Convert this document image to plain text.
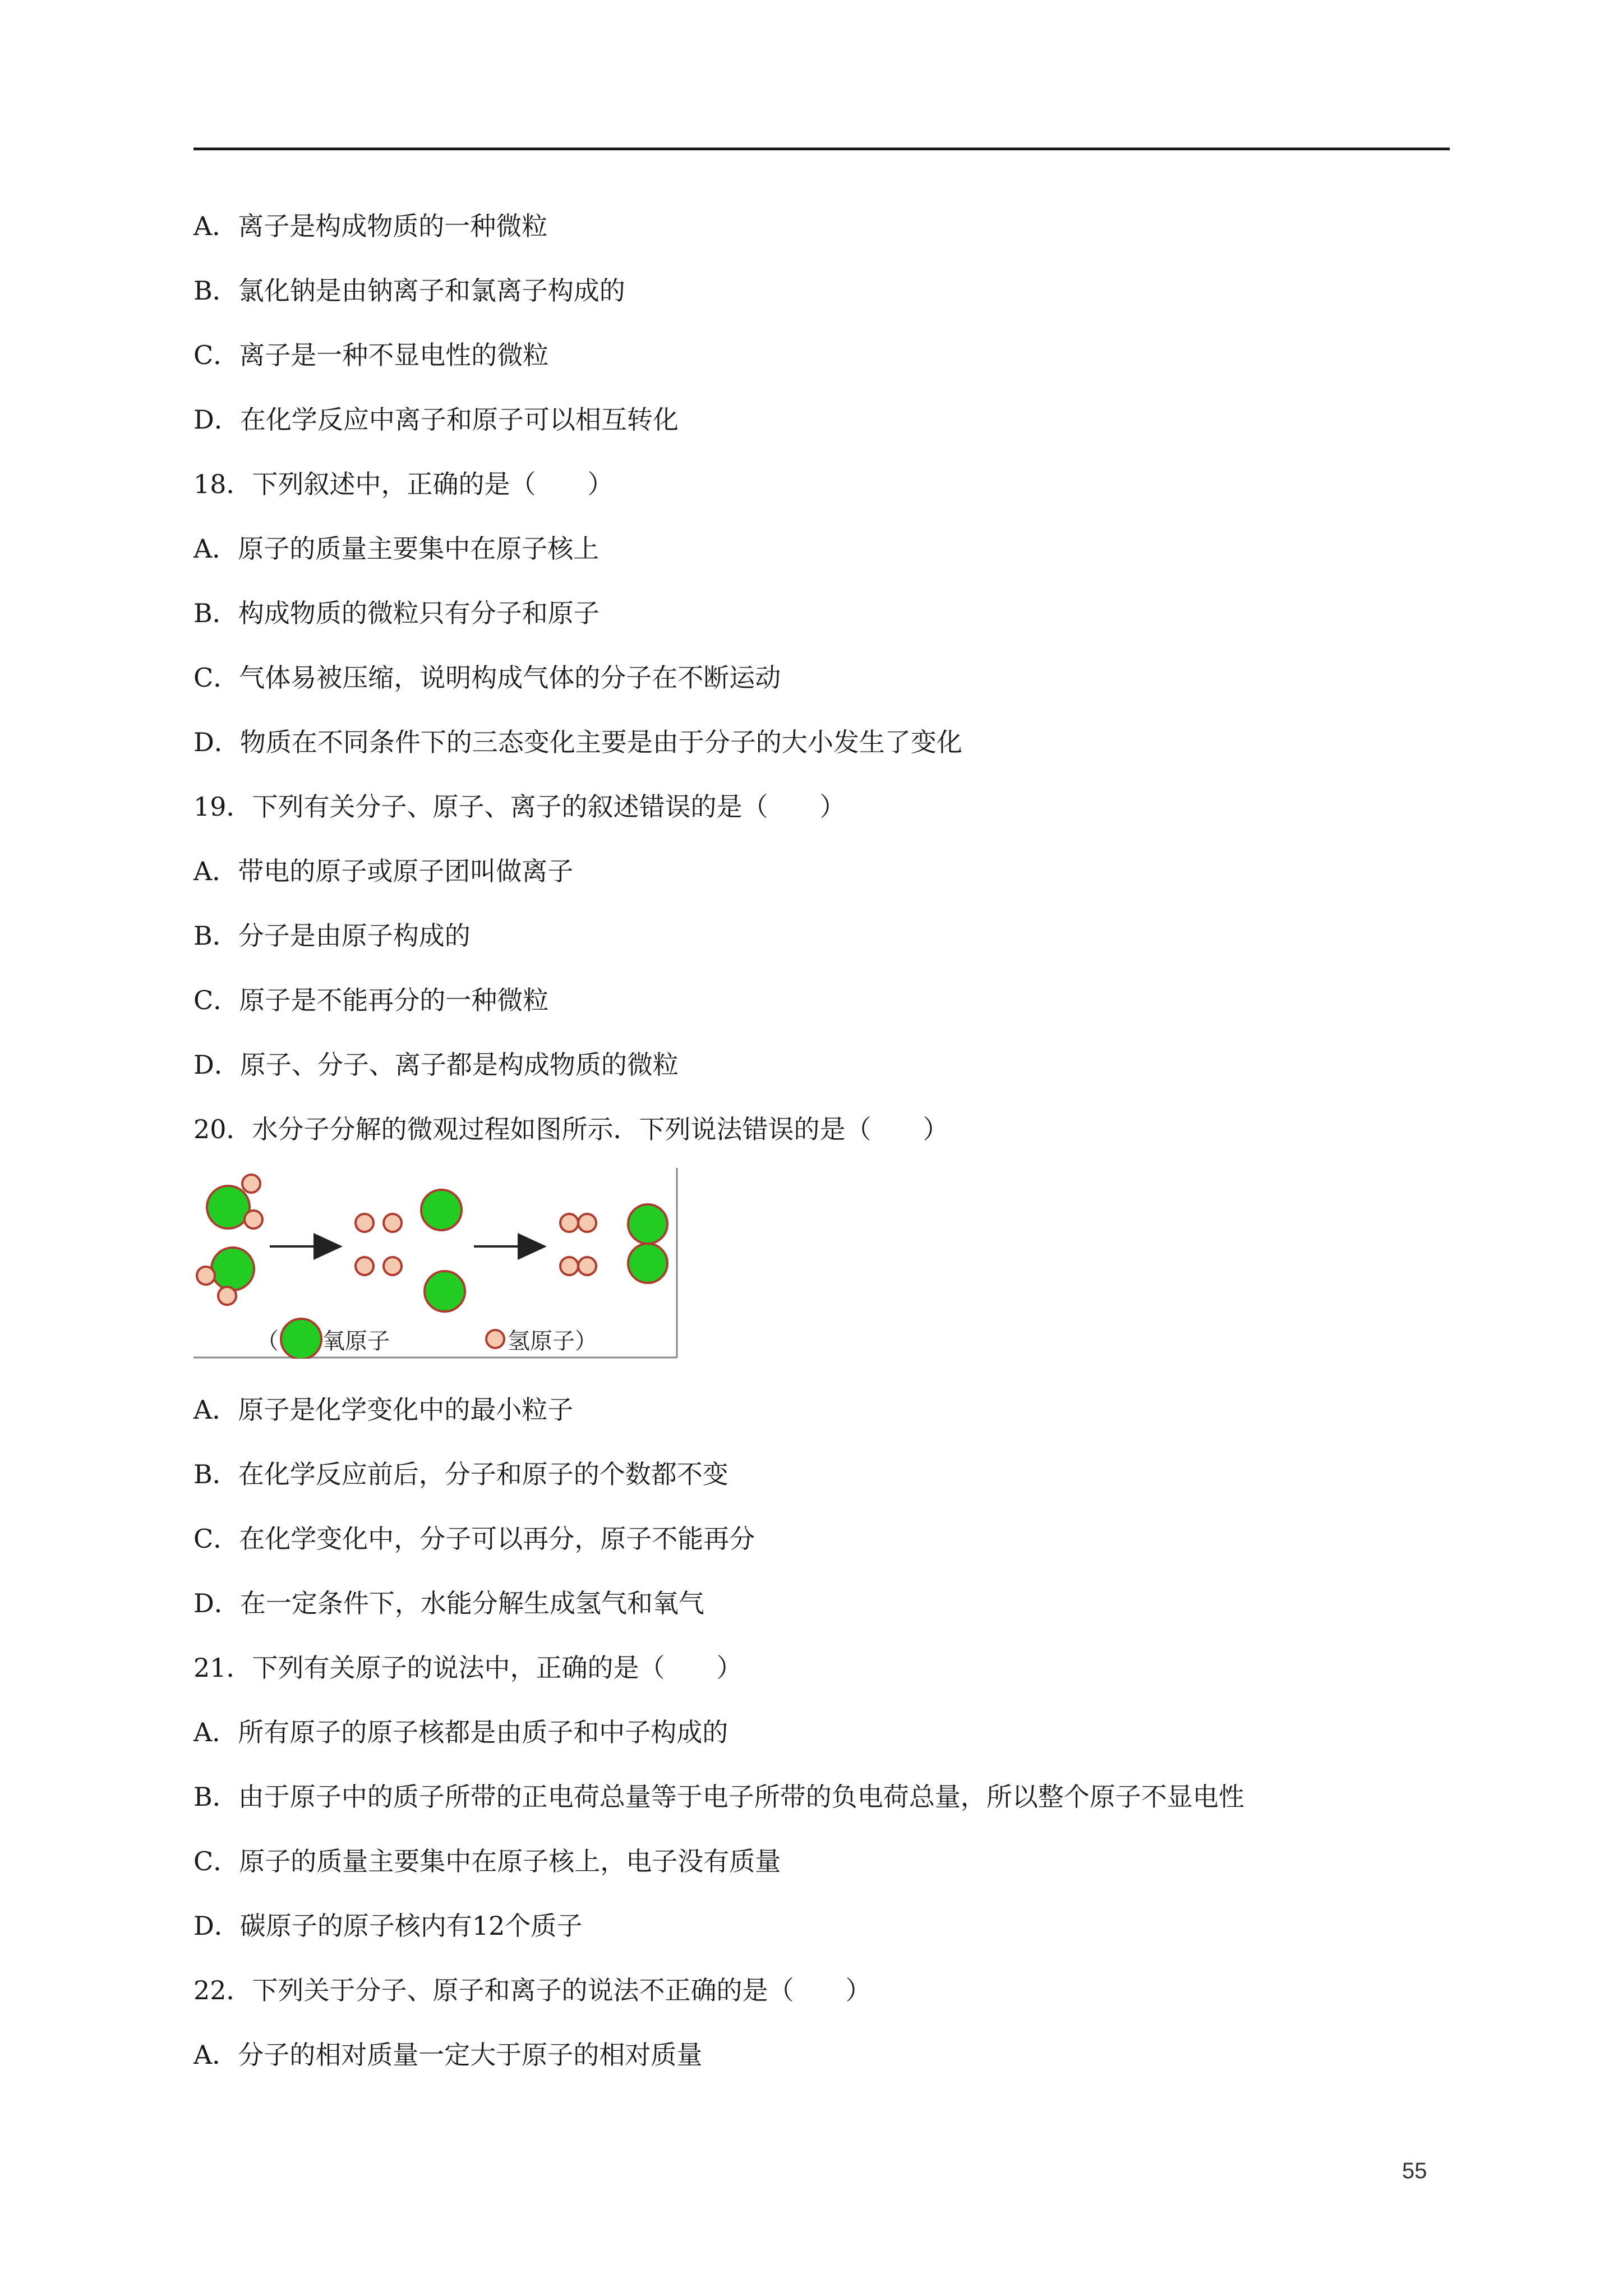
A．离子是构成物质的一种微粒
B．氯化钠是由钠离子和氯离子构成的
C．离子是一种不显电性的微粒
D．在化学反应中离子和原子可以相互转化
18．下列叙述中，正确的是（　　）
A．原子的质量主要集中在原子核上
B．构成物质的微粒只有分子和原子
C．气体易被压缩，说明构成气体的分子在不断运动
D．物质在不同条件下的三态变化主要是由于分子的大小发生了变化
19．下列有关分子、原子、离子的叙述错误的是（　　）
A．带电的原子或原子团叫做离子
B．分子是由原子构成的
C．原子是不能再分的一种微粒
D．原子、分子、离子都是构成物质的微粒
20．水分子分解的微观过程如图所示．下列说法错误的是（　　）
（ 氧原子	氢原子）
A．原子是化学变化中的最小粒子
B．在化学反应前后，分子和原子的个数都不变
C．在化学变化中，分子可以再分，原子不能再分
D．在一定条件下，水能分解生成氢气和氧气
21．下列有关原子的说法中，正确的是（　　）
A．所有原子的原子核都是由质子和中子构成的
B．由于原子中的质子所带的正电荷总量等于电子所带的负电荷总量，所以整个原子不显电性
C．原子的质量主要集中在原子核上，电子没有质量
D．碳原子的原子核内有12个质子
22．下列关于分子、原子和离子的说法不正确的是（　　）
A．分子的相对质量一定大于原子的相对质量
55
